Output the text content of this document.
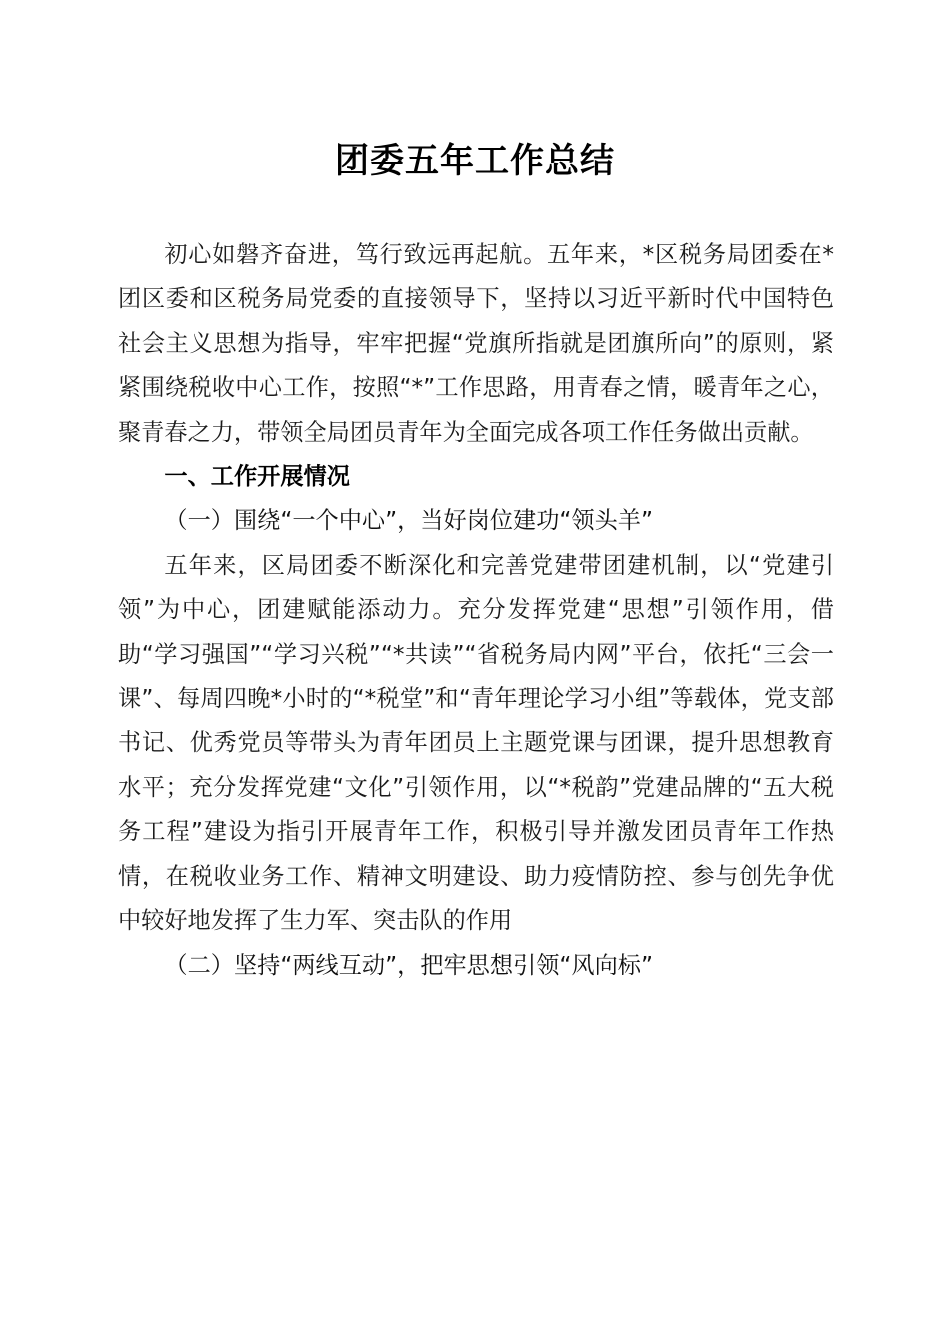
团委五年工作总结

初心如磐齐奋进，笃行致远再起航。五年来，*区税务局团委在*团区委和区税务局党委的直接领导下，坚持以习近平新时代中国特色社会主义思想为指导，牢牢把握“党旗所指就是团旗所向”的原则，紧紧围绕税收中心工作，按照“*”工作思路，用青春之情，暖青年之心，聚青春之力，带领全局团员青年为全面完成各项工作任务做出贡献。

一、工作开展情况

（一）围绕“一个中心”，当好岗位建功“领头羊”

五年来，区局团委不断深化和完善党建带团建机制，以“党建引领”为中心，团建赋能添动力。充分发挥党建“思想”引领作用，借助“学习强国”“学习兴税”“*共读”“省税务局内网”平台，依托“三会一课”、每周四晚*小时的“*税堂”和“青年理论学习小组”等载体，党支部书记、优秀党员等带头为青年团员上主题党课与团课，提升思想教育水平；充分发挥党建“文化”引领作用，以“*税韵”党建品牌的“五大税务工程”建设为指引开展青年工作，积极引导并激发团员青年工作热情，在税收业务工作、精神文明建设、助力疫情防控、参与创先争优中较好地发挥了生力军、突击队的作用

（二）坚持“两线互动”，把牢思想引领“风向标”
